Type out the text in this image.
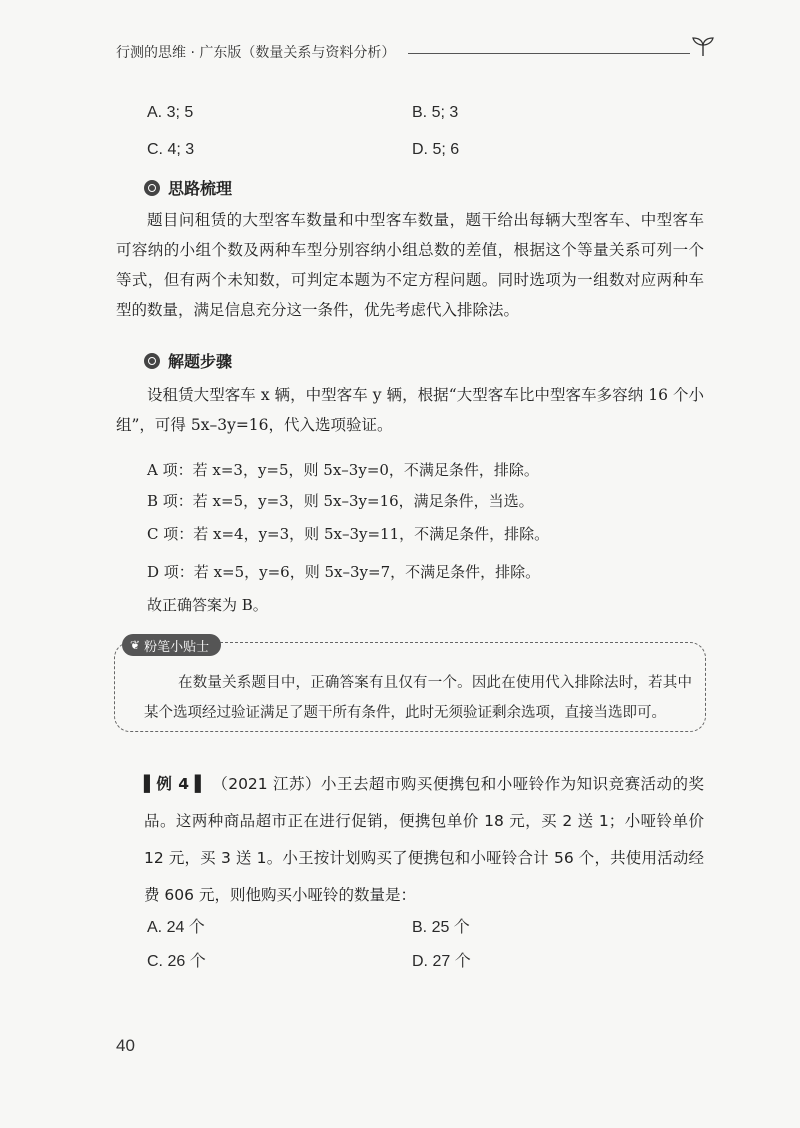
行测的思维 · 广东版（数量关系与资料分析）
A. 3; 5	B. 5; 3
C. 4; 3	D. 5; 6
思路梳理
题目问租赁的大型客车数量和中型客车数量，题干给出每辆大型客车、中型客车可容纳的小组个数及两种车型分别容纳小组总数的差值，根据这个等量关系可列一个等式，但有两个未知数，可判定本题为不定方程问题。同时选项为一组数对应两种车型的数量，满足信息充分这一条件，优先考虑代入排除法。
解题步骤
设租赁大型客车 x 辆，中型客车 y 辆，根据“大型客车比中型客车多容纳 16 个小组”，可得 5x–3y=16，代入选项验证。
A 项：若 x=3，y=5，则 5x–3y=0，不满足条件，排除。
B 项：若 x=5，y=3，则 5x–3y=16，满足条件，当选。
C 项：若 x=4，y=3，则 5x–3y=11，不满足条件，排除。
D 项：若 x=5，y=6，则 5x–3y=7，不满足条件，排除。
故正确答案为 B。
❦ 粉笔小贴士
在数量关系题目中，正确答案有且仅有一个。因此在使用代入排除法时，若其中某个选项经过验证满足了题干所有条件，此时无须验证剩余选项，直接当选即可。
▌例 4 ▌ （2021 江苏）小王去超市购买便携包和小哑铃作为知识竞赛活动的奖品。这两种商品超市正在进行促销，便携包单价 18 元，买 2 送 1；小哑铃单价 12 元，买 3 送 1。小王按计划购买了便携包和小哑铃合计 56 个，共使用活动经费 606 元，则他购买小哑铃的数量是：
A. 24 个	B. 25 个
C. 26 个	D. 27 个
40
